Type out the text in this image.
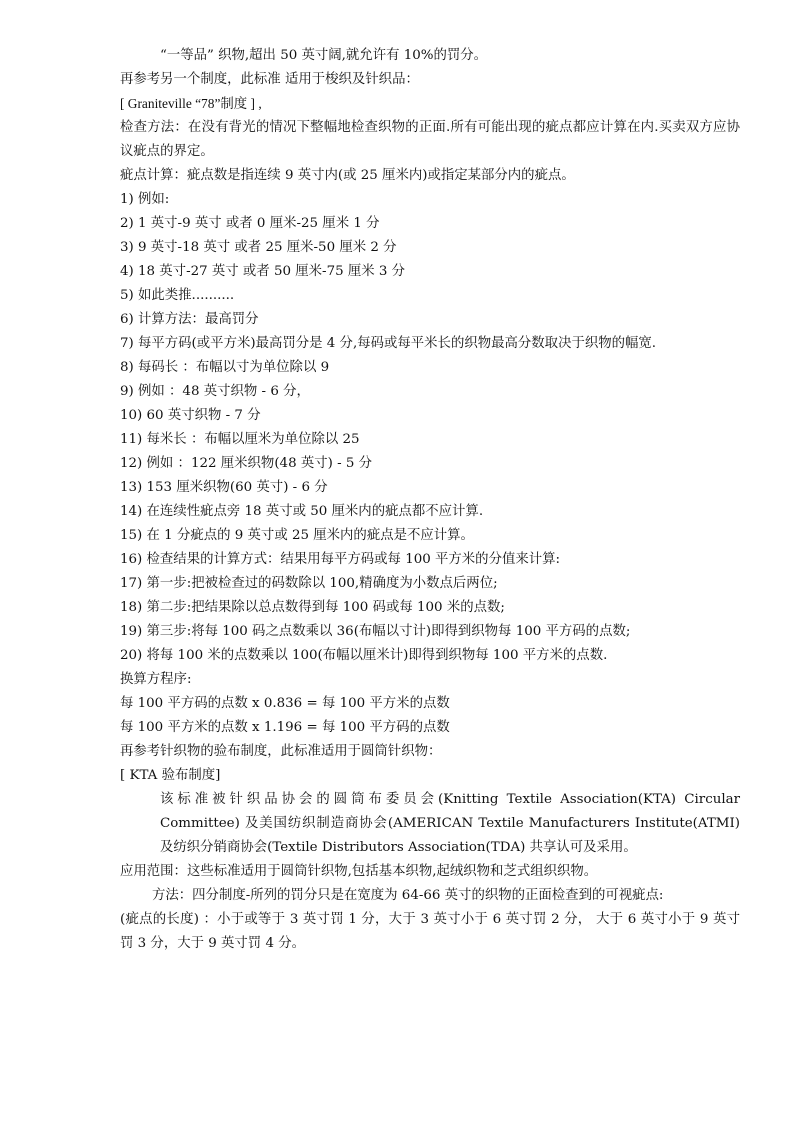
“一等品” 织物,超出 50 英寸阔,就允许有 10%的罚分。
再参考另一个制度，此标准 适用于梭织及针织品：
[ Graniteville “78”制度 ] ,
检查方法：在没有背光的情况下整幅地检查织物的正面.所有可能出现的疵点都应计算在内.买卖双方应协议疵点的界定。
疵点计算：疵点数是指连续 9 英寸内(或 25 厘米内)或指定某部分内的疵点。
1) 例如:
2) 1 英寸-9 英寸 或者 0 厘米-25 厘米 1 分
3) 9 英寸-18 英寸 或者 25 厘米-50 厘米 2 分
4) 18 英寸-27 英寸 或者 50 厘米-75 厘米 3 分
5) 如此类推..........
6) 计算方法：最高罚分
7) 每平方码(或平方米)最高罚分是 4 分,每码或每平米长的织物最高分数取决于织物的幅宽.
8) 每码长 ：布幅以寸为单位除以 9
9) 例如 ：48 英寸织物 - 6 分，
10) 60 英寸织物 - 7 分
11) 每米长 ：布幅以厘米为单位除以 25
12) 例如 ：122 厘米织物(48 英寸) - 5 分
13) 153 厘米织物(60 英寸) - 6 分
14) 在连续性疵点旁 18 英寸或 50 厘米内的疵点都不应计算.
15) 在 1 分疵点的 9 英寸或 25 厘米内的疵点是不应计算。
16) 检查结果的计算方式：结果用每平方码或每 100 平方米的分值来计算:
17) 第一步:把被检查过的码数除以 100,精确度为小数点后两位;
18) 第二步:把结果除以总点数得到每 100 码或每 100 米的点数;
19) 第三步:将每 100 码之点数乘以 36(布幅以寸计)即得到织物每 100 平方码的点数;
20) 将每 100 米的点数乘以 100(布幅以厘米计)即得到织物每 100 平方米的点数.
换算方程序:
每 100 平方码的点数 x 0.836 = 每 100 平方米的点数
每 100 平方米的点数 x 1.196 = 每 100 平方码的点数
再参考针织物的验布制度，此标准适用于圆筒针织物：
[ KTA 验布制度]
该标准被针织品协会的圆筒布委员会(Knitting Textile Association(KTA) Circular Committee) 及美国纺织制造商协会(AMERICAN Textile Manufacturers Institute(ATMI) 及纺织分销商协会(Textile Distributors Association(TDA) 共享认可及采用。
应用范围：这些标准适用于圆筒针织物,包括基本织物,起绒织物和芝式组织织物。
方法：四分制度-所列的罚分只是在宽度为 64-66 英寸的织物的正面检查到的可视疵点:
(疵点的长度) ：小于或等于 3 英寸罚 1 分，大于 3 英寸小于 6 英寸罚 2 分， 大于 6 英寸小于 9 英寸罚 3 分，大于 9 英寸罚 4 分。
